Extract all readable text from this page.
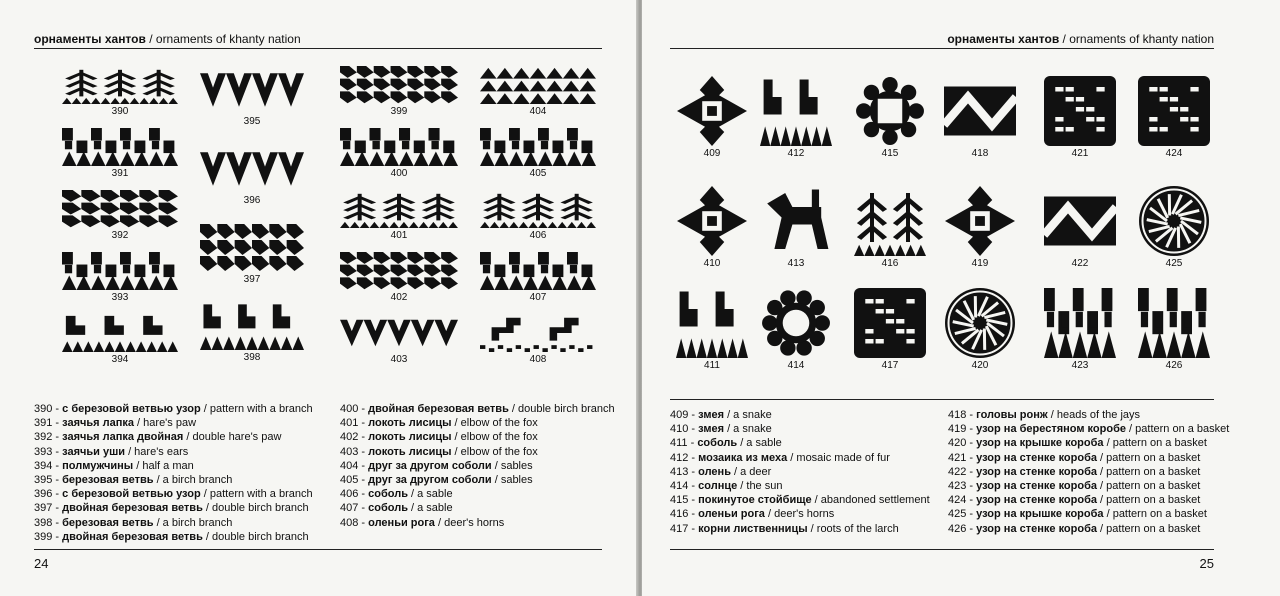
орнаменты хантов / ornaments of khanty nation
390
391
392
393
394
395
396
397
398
399
400
401
402
403
404
405
406
407
408
390 - с березовой ветвью узор / pattern with a branch
391 - заячья лапка / hare's paw
392 - заячья лапка двойная / double hare's paw
393 - заячьи уши / hare's ears
394 - полмужчины / half a man
395 - березовая ветвь / a birch branch
396 - с березовой ветвью узор / pattern with a branch
397 - двойная березовая ветвь / double birch branch
398 - березовая ветвь / a birch branch
399 - двойная березовая ветвь / double birch branch
400 - двойная березовая ветвь / double birch branch
401 - локоть лисицы / elbow of the fox
402 - локоть лисицы / elbow of the fox
403 - локоть лисицы / elbow of the fox
404 - друг за другом соболи / sables
405 - друг за другом соболи / sables
406 - соболь / a sable
407 - соболь / a sable
408 - оленьи рога / deer's horns
24
орнаменты хантов / ornaments of khanty nation
409	412	415	418	421	424
410	413	416	419	422	425
411	414	417	420	423	426
409 - змея / a snake
410 - змея / a snake
411 - соболь / a sable
412 - мозаика из меха / mosaic made of fur
413 - олень / a deer
414 - солнце / the sun
415 - покинутое стойбище / abandoned settlement
416 - оленьи рога / deer's horns
417 - корни лиственницы / roots of the larch
418 - головы ронж / heads of the jays
419 - узор на берестяном коробе / pattern on a basket
420 - узор на крышке короба / pattern on a basket
421 - узор на стенке короба / pattern on a basket
422 - узор на стенке короба / pattern on a basket
423 - узор на стенке короба / pattern on a basket
424 - узор на стенке короба / pattern on a basket
425 - узор на крышке короба / pattern on a basket
426 - узор на стенке короба / pattern on a basket
25
